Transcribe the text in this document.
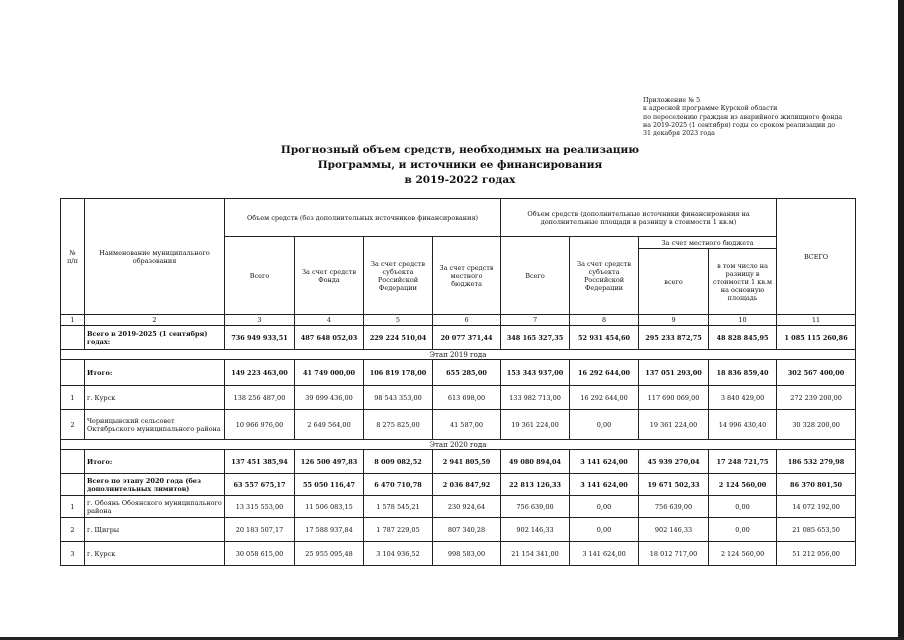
Приложение № 5
к адресной программе Курской области
по переселению граждан из аварийного жилищного фонда
на 2019-2025 (1 сентября) годы со сроком реализации до
31 декабря 2023 года
Прогнозный объем средств, необходимых на реализацию
Программы, и источники ее финансирования
в 2019-2022 годах
№
п/п	Наименование муниципального образования	Объем средств (без дополнительных источников финансирования)				Объем средств (дополнительные источники финансирования на дополнительные площади в разницу в стоимости 1 кв.м)				ВСЕГО
		Всего	За счет средств Фонда	За счет средств субъекта Российской Федерации	За счет средств местного бюджета	Всего	За счет средств субъекта Российской Федерации	За счет местного бюджета		
								всего	в том числе на разницу в стоимости 1 кв.м на основную площадь	
1	2	3	4	5	6	7	8	9	10	11
	Всего в 2019-2025 (1 сентября) годах:	736 949 933,51	487 648 052,03	229 224 510,04	20 077 371,44	348 165 327,35	52 931 454,60	295 233 872,75	48 828 845,95	1 085 115 260,86
Этап 2019 года										
	Итого:	149 223 463,00	41 749 000,00	106 819 178,00	655 285,00	153 343 937,00	16 292 644,00	137 051 293,00	18 836 859,40	302 567 400,00
1	г. Курск	138 256 487,00	39 099 436,00	98 543 353,00	613 698,00	133 982 713,00	16 292 644,00	117 690 069,00	3 840 429,00	272 239 200,00
2	Черницынский сельсовет Октябрьского муниципального района	10 966 976,00	2 649 564,00	8 275 825,00	41 587,00	19 361 224,00	0,00	19 361 224,00	14 996 430,40	30 328 200,00
Этап 2020 года										
	Итого:	137 451 385,94	126 500 497,83	8 009 082,52	2 941 805,59	49 080 894,04	3 141 624,00	45 939 270,04	17 248 721,75	186 532 279,98
	Всего по этапу 2020 года (без дополнительных лимитов)	63 557 675,17	55 050 116,47	6 470 710,78	2 036 847,92	22 813 126,33	3 141 624,00	19 671 502,33	2 124 560,00	86 370 801,50
1	г. Обоянь Обоянского муниципального района	13 315 553,00	11 506 083,15	1 578 545,21	230 924,64	756 639,00	0,00	756 639,00	0,00	14 072 192,00
2	г. Щигры	20 183 507,17	17 588 937,84	1 787 229,05	807 340,28	902 146,33	0,00	902 146,33	0,00	21 085 653,50
3	г. Курск	30 058 615,00	25 955 095,48	3 104 936,52	998 583,00	21 154 341,00	3 141 624,00	18 012 717,00	2 124 560,00	51 212 956,00
